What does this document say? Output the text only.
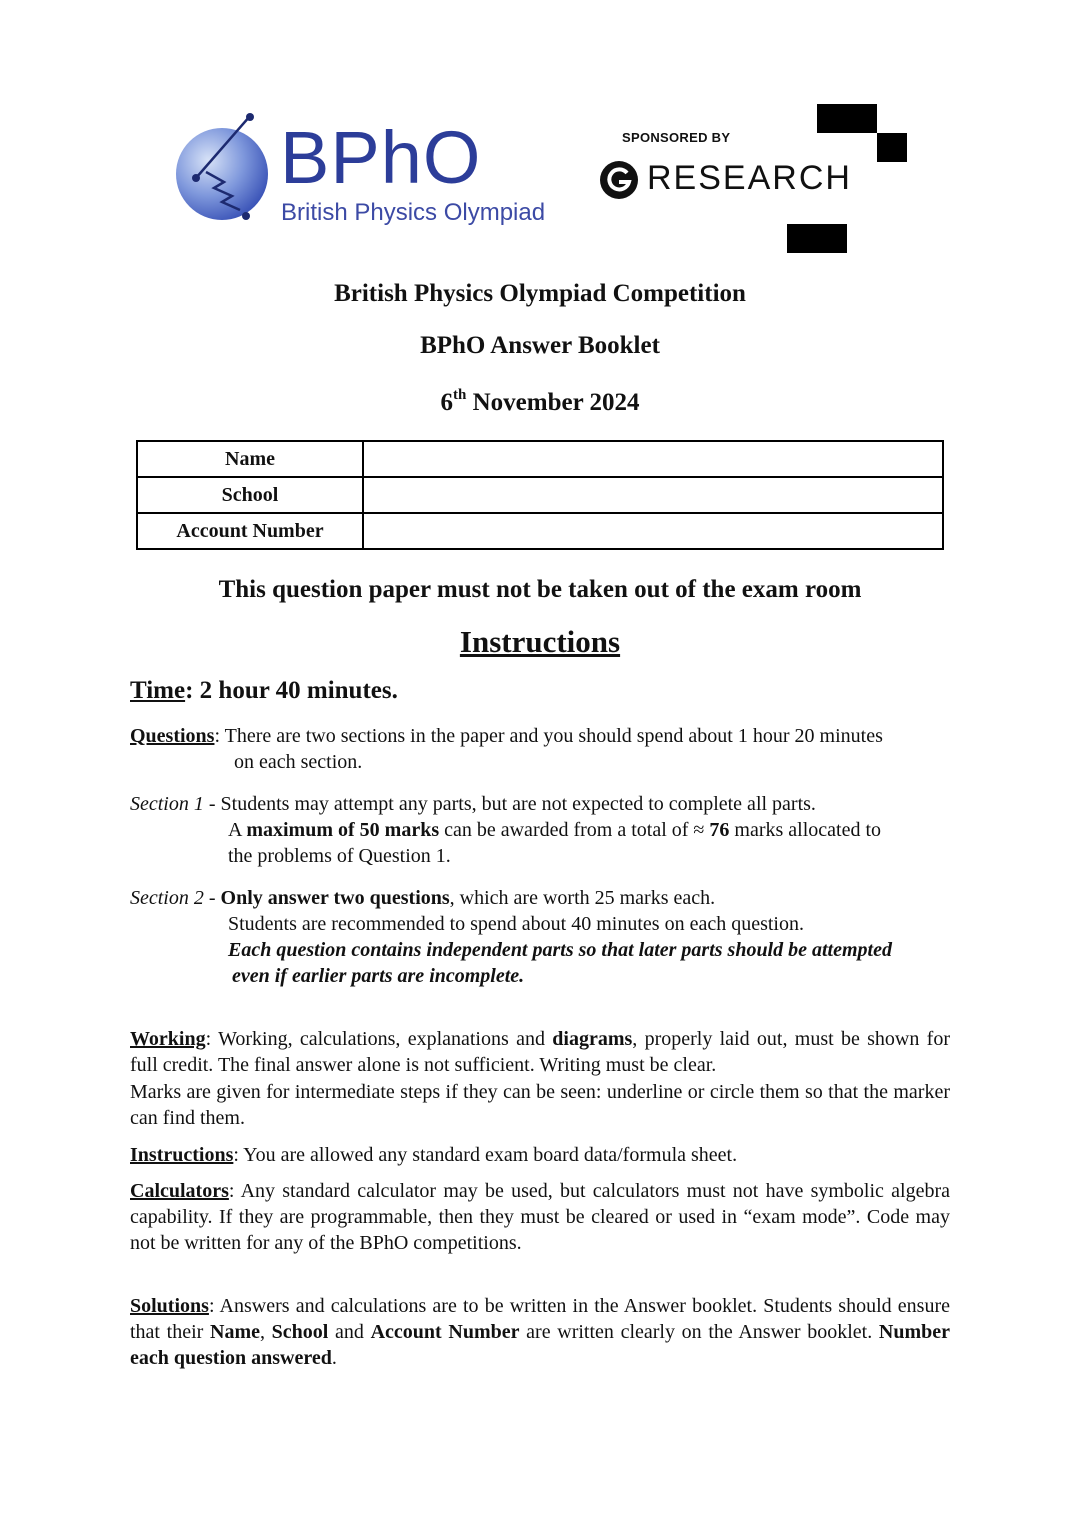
BPhO
British Physics Olympiad
SPONSORED BY
RESEARCH
British Physics Olympiad Competition
BPhO Answer Booklet
6th November 2024
Name	
School	
Account Number	
This question paper must not be taken out of the exam room
Instructions
Time: 2 hour 40 minutes.
Questions: There are two sections in the paper and you should spend about 1 hour 20 minutes
on each section.
Section 1 - Students may attempt any parts, but are not expected to complete all parts.
A maximum of 50 marks can be awarded from a total of ≈ 76 marks allocated to
the problems of Question 1.
Section 2 - Only answer two questions, which are worth 25 marks each.
Students are recommended to spend about 40 minutes on each question.
Each question contains independent parts so that later parts should be attempted
even if earlier parts are incomplete.
Working: Working, calculations, explanations and diagrams, properly laid out, must be shown for full credit. The final answer alone is not sufficient. Writing must be clear.
Marks are given for intermediate steps if they can be seen: underline or circle them so that the marker can find them.
Instructions: You are allowed any standard exam board data/formula sheet.
Calculators: Any standard calculator may be used, but calculators must not have symbolic algebra capability. If they are programmable, then they must be cleared or used in “exam mode”. Code may not be written for any of the BPhO competitions.
Solutions: Answers and calculations are to be written in the Answer booklet. Students should ensure that their Name, School and Account Number are written clearly on the Answer booklet. Number each question answered.
